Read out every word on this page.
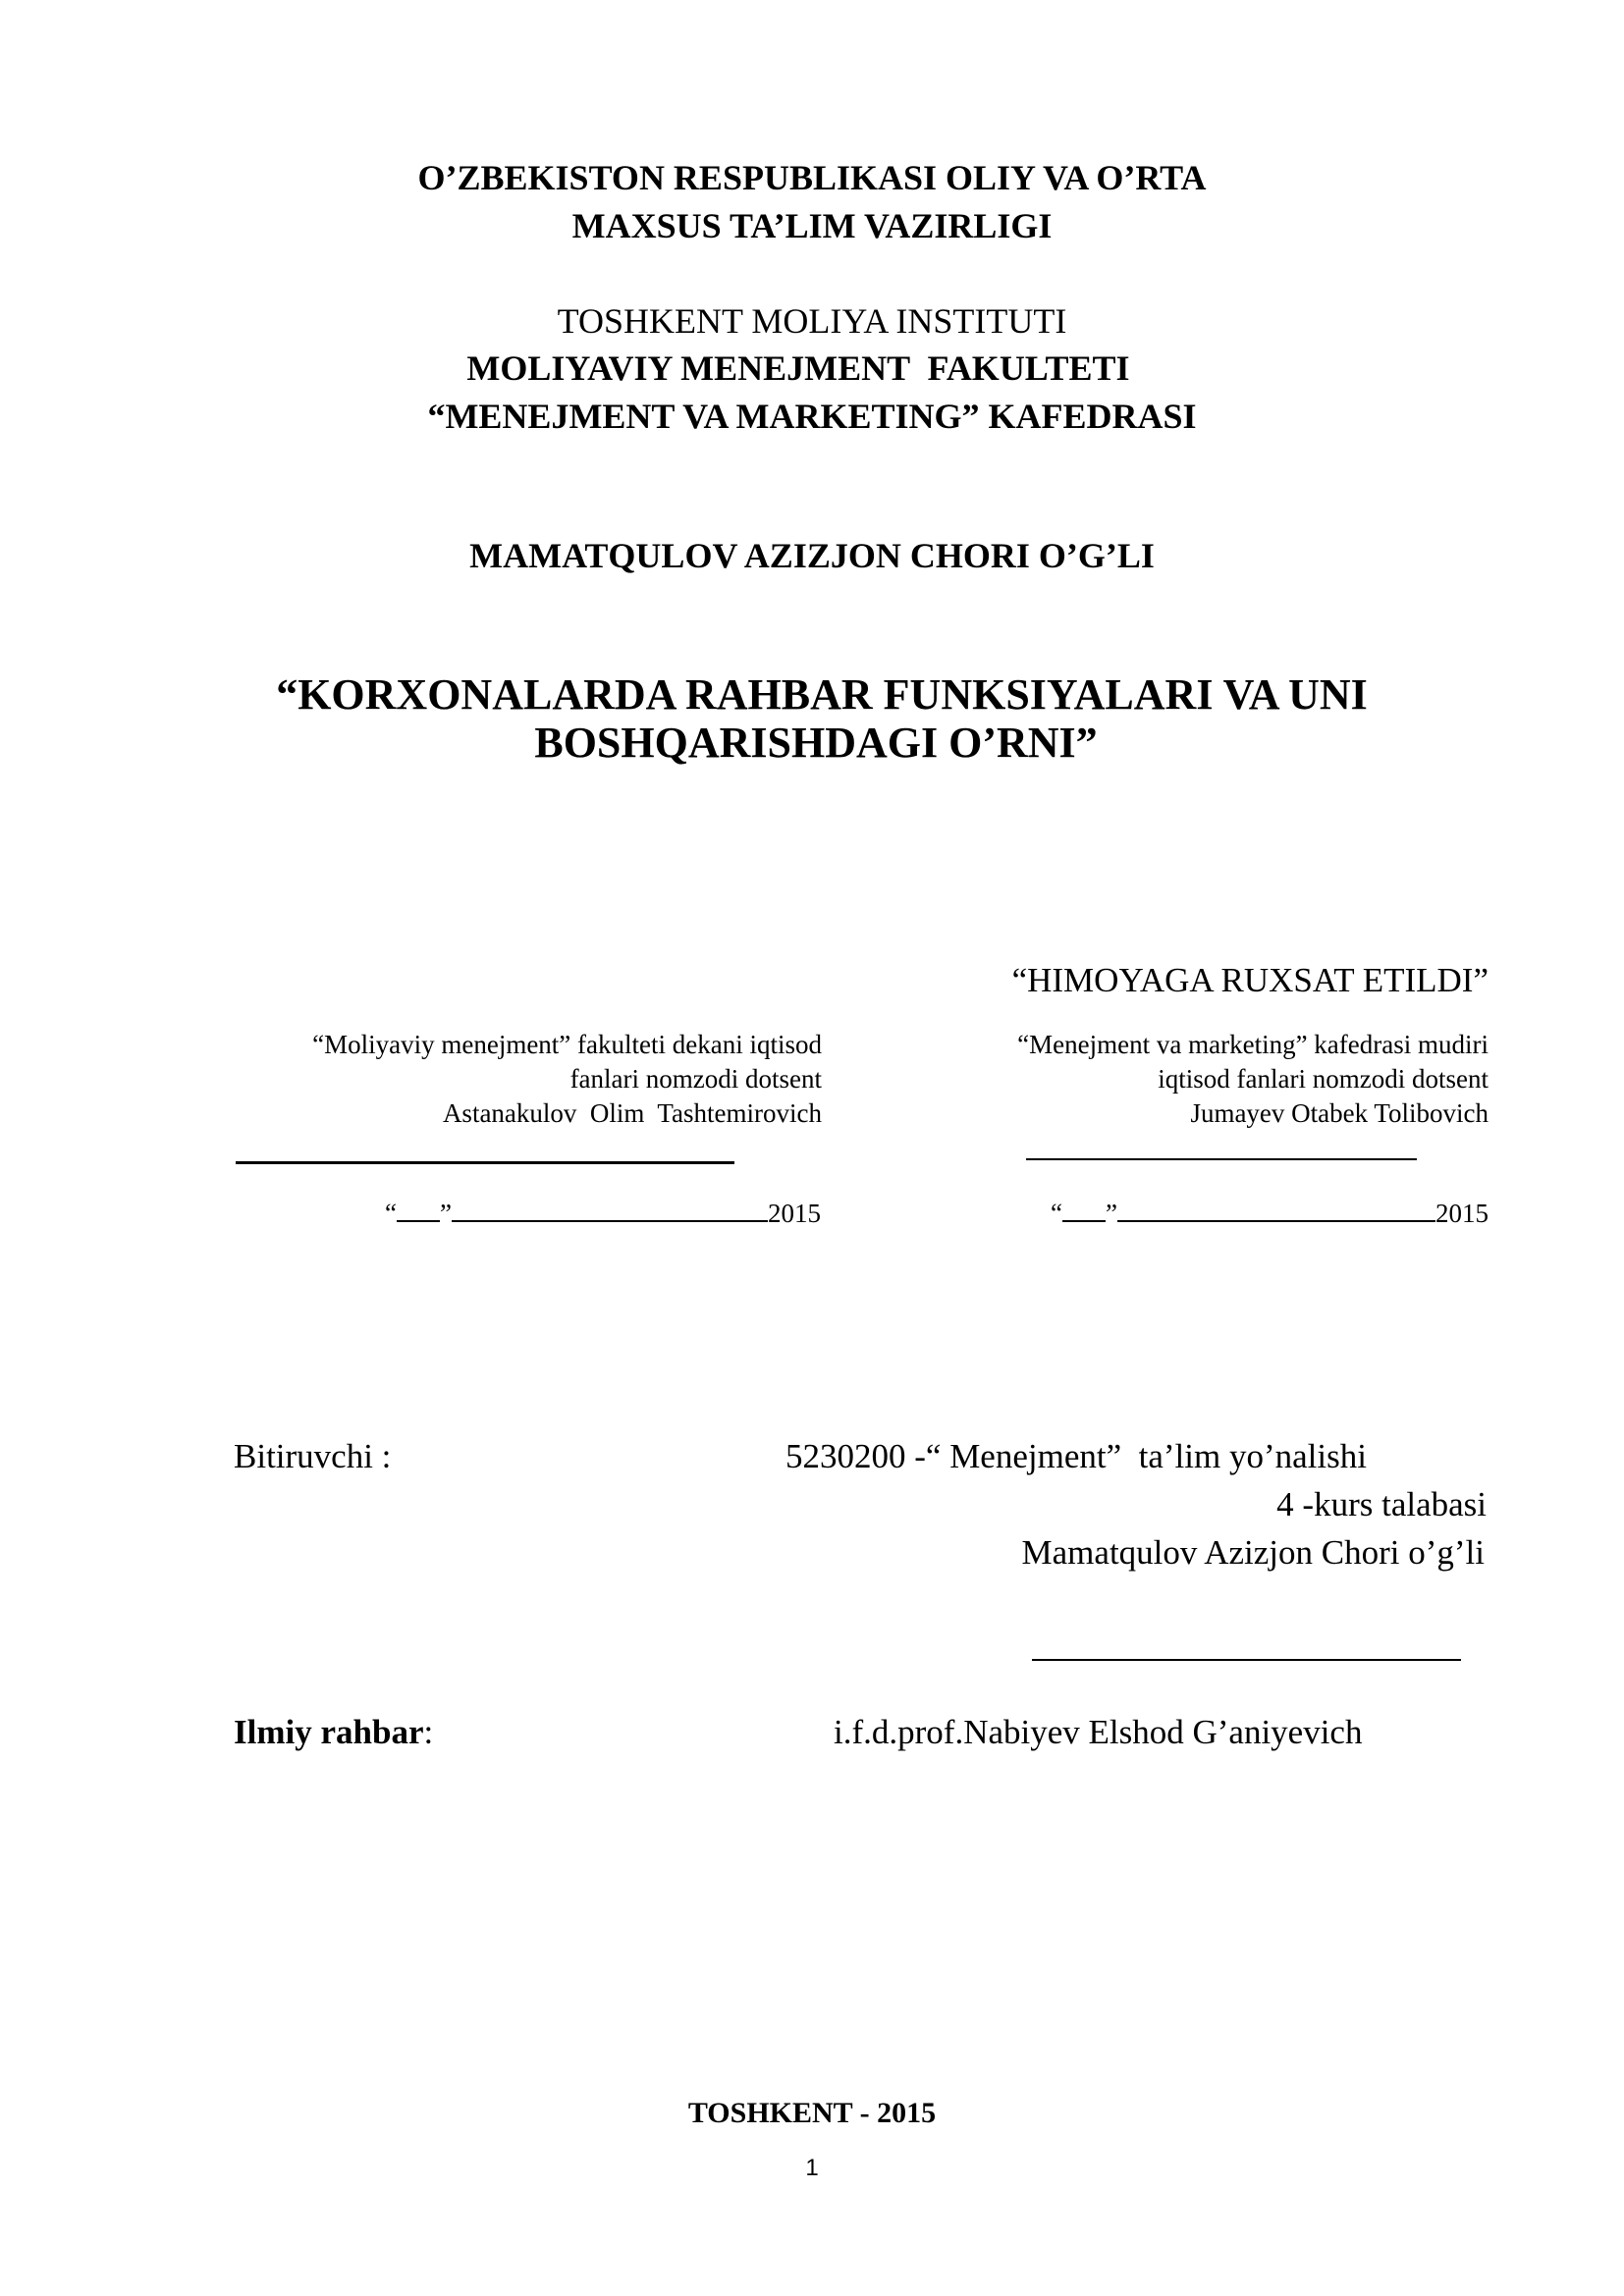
O’ZBEKISTON RESPUBLIKASI OLIY VA O’RTA
MAXSUS TA’LIM VAZIRLIGI
TOSHKENT MOLIYA INSTITUTI
MOLIYAVIY MENEJMENT  FAKULTETI
“MENEJMENT VA MARKETING” KAFEDRASI
MAMATQULOV AZIZJON CHORI O’G’LI
“KORXONALARDA RAHBAR FUNKSIYALARI VA UNI
BOSHQARISHDAGI O’RNI”
“HIMOYAGA RUXSAT ETILDI”
“Moliyaviy menejment” fakulteti dekani iqtisod
fanlari nomzodi dotsent
Astanakulov  Olim  Tashtemirovich

“ ”	2015

“Menejment va marketing” kafedrasi mudiri
iqtisod fanlari nomzodi dotsent
Jumayev Otabek Tolibovich

“ ”	2015

Bitiruvchi :	5230200 -“ Menejment”  ta’lim yo’nalishi
4 -kurs talabasi
Mamatqulov Azizjon Chori o’g’li
Ilmiy rahbar:	i.f.d.prof.Nabiyev Elshod G’aniyevich
TOSHKENT - 2015
1
